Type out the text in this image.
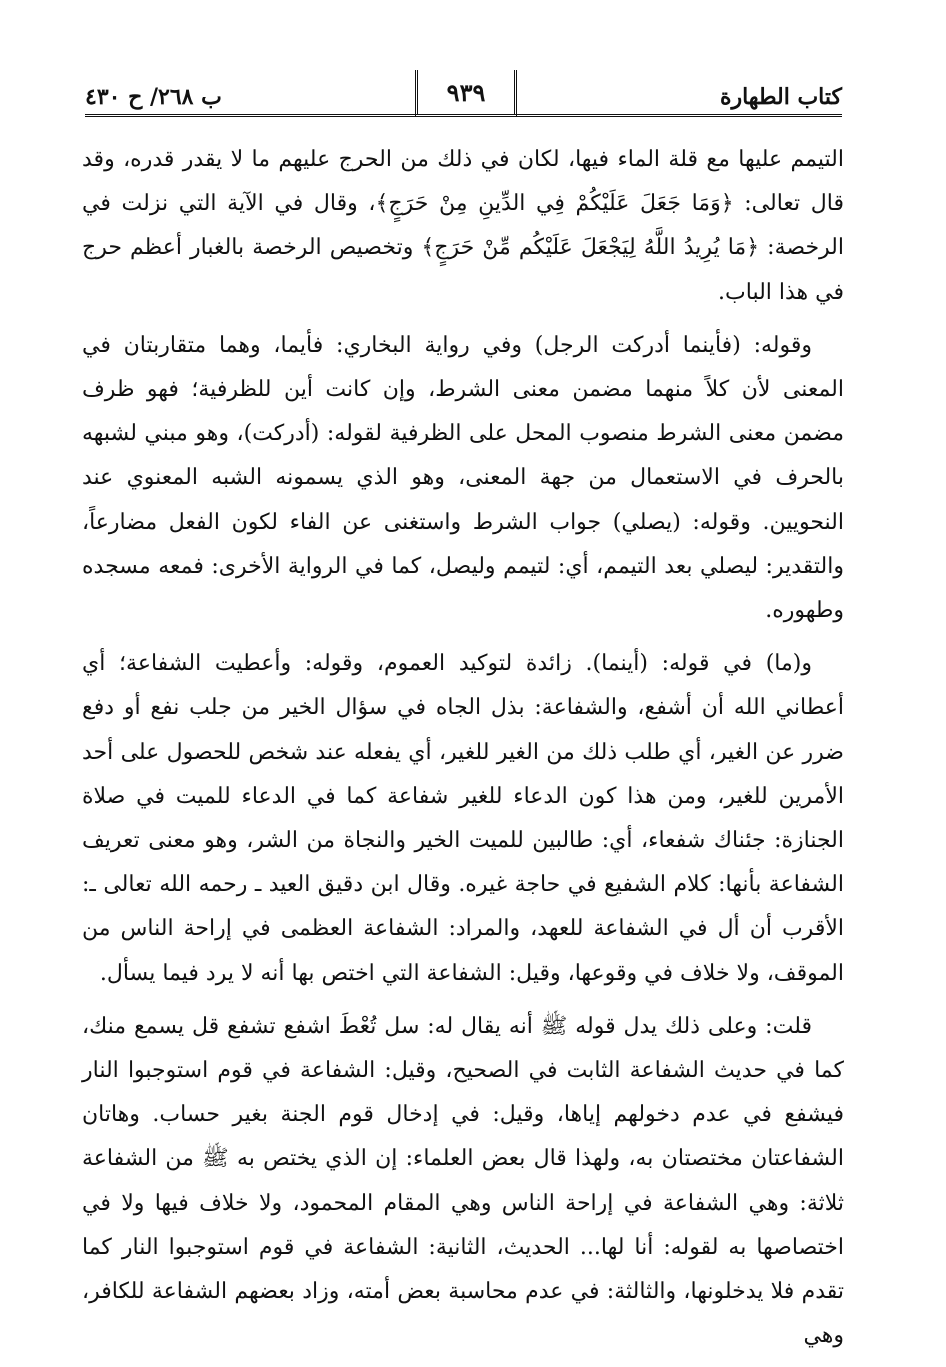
كتاب الطهارة
٩٣٩
ب ٢٦٨/ ح ٤٣٠

التيمم عليها مع قلة الماء فيها، لكان في ذلك من الحرج عليهم ما لا يقدر قدره، وقد قال تعالى: ﴿وَمَا جَعَلَ عَلَيْكُمْ فِي الدِّينِ مِنْ حَرَجٍ﴾، وقال في الآية التي نزلت في الرخصة: ﴿مَا يُرِيدُ اللَّهُ لِيَجْعَلَ عَلَيْكُم مِّنْ حَرَجٍ﴾ وتخصيص الرخصة بالغبار أعظم حرج في هذا الباب.

وقوله: (فأينما أدركت الرجل) وفي رواية البخاري: فأيما، وهما متقاربتان في المعنى لأن كلاً منهما مضمن معنى الشرط، وإن كانت أين للظرفية؛ فهو ظرف مضمن معنى الشرط منصوب المحل على الظرفية لقوله: (أدركت)، وهو مبني لشبهه بالحرف في الاستعمال من جهة المعنى، وهو الذي يسمونه الشبه المعنوي عند النحويين. وقوله: (يصلي) جواب الشرط واستغنى عن الفاء لكون الفعل مضارعاً، والتقدير: ليصلي بعد التيمم، أي: لتيمم وليصل، كما في الرواية الأخرى: فمعه مسجده وطهوره.

و(ما) في قوله: (أينما). زائدة لتوكيد العموم، وقوله: وأعطيت الشفاعة؛ أي أعطاني الله أن أشفع، والشفاعة: بذل الجاه في سؤال الخير من جلب نفع أو دفع ضرر عن الغير، أي طلب ذلك من الغير للغير، أي يفعله عند شخص للحصول على أحد الأمرين للغير، ومن هذا كون الدعاء للغير شفاعة كما في الدعاء للميت في صلاة الجنازة: جئناك شفعاء، أي: طالبين للميت الخير والنجاة من الشر، وهو معنى تعريف الشفاعة بأنها: كلام الشفيع في حاجة غيره. وقال ابن دقيق العيد ـ رحمه الله تعالى ـ: الأقرب أن أل في الشفاعة للعهد، والمراد: الشفاعة العظمى في إراحة الناس من الموقف، ولا خلاف في وقوعها، وقيل: الشفاعة التي اختص بها أنه لا يرد فيما يسأل.

قلت: وعلى ذلك يدل قوله ﷺ أنه يقال له: سل تُعْطَ اشفع تشفع قل يسمع منك، كما في حديث الشفاعة الثابت في الصحيح، وقيل: الشفاعة في قوم استوجبوا النار فيشفع في عدم دخولهم إياها، وقيل: في إدخال قوم الجنة بغير حساب. وهاتان الشفاعتان مختصتان به، ولهذا قال بعض العلماء: إن الذي يختص به ﷺ من الشفاعة ثلاثة: وهي الشفاعة في إراحة الناس وهي المقام المحمود، ولا خلاف فيها ولا في اختصاصها به لقوله: أنا لها... الحديث، الثانية: الشفاعة في قوم استوجبوا النار كما تقدم فلا يدخلونها، والثالثة: في عدم محاسبة بعض أمته، وزاد بعضهم الشفاعة للكافر، وهي
